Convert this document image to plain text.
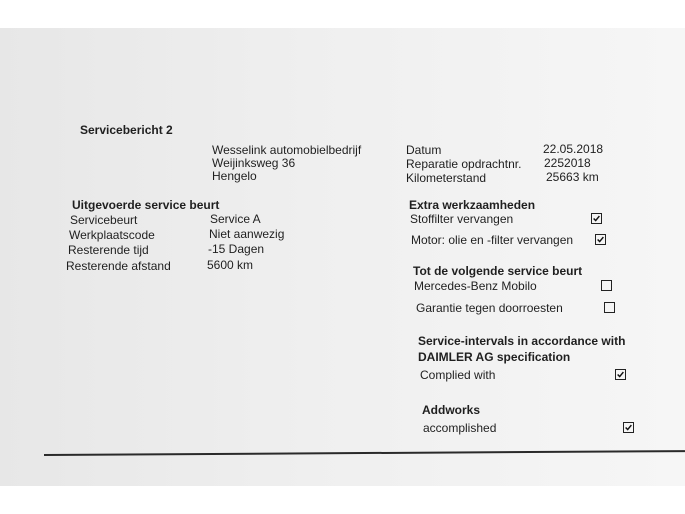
Servicebericht 2
Wesselink automobielbedrijf
Weijinksweg 36
Hengelo
Datum	22.05.2018
Reparatie opdrachtnr. 2252018
Kilometerstand	25663 km
Uitgevoerde service beurt
Servicebeurt	Service A
Werkplaatscode	Niet aanwezig
Resterende tijd	-15 Dagen
Resterende afstand	5600 km
Extra werkzaamheden
Stoffilter vervangen
Motor: olie en -filter vervangen
Tot de volgende service beurt
Mercedes-Benz Mobilo
Garantie tegen doorroesten
Service-intervals in accordance with
DAIMLER AG specification
Complied with
Addworks
accomplished
